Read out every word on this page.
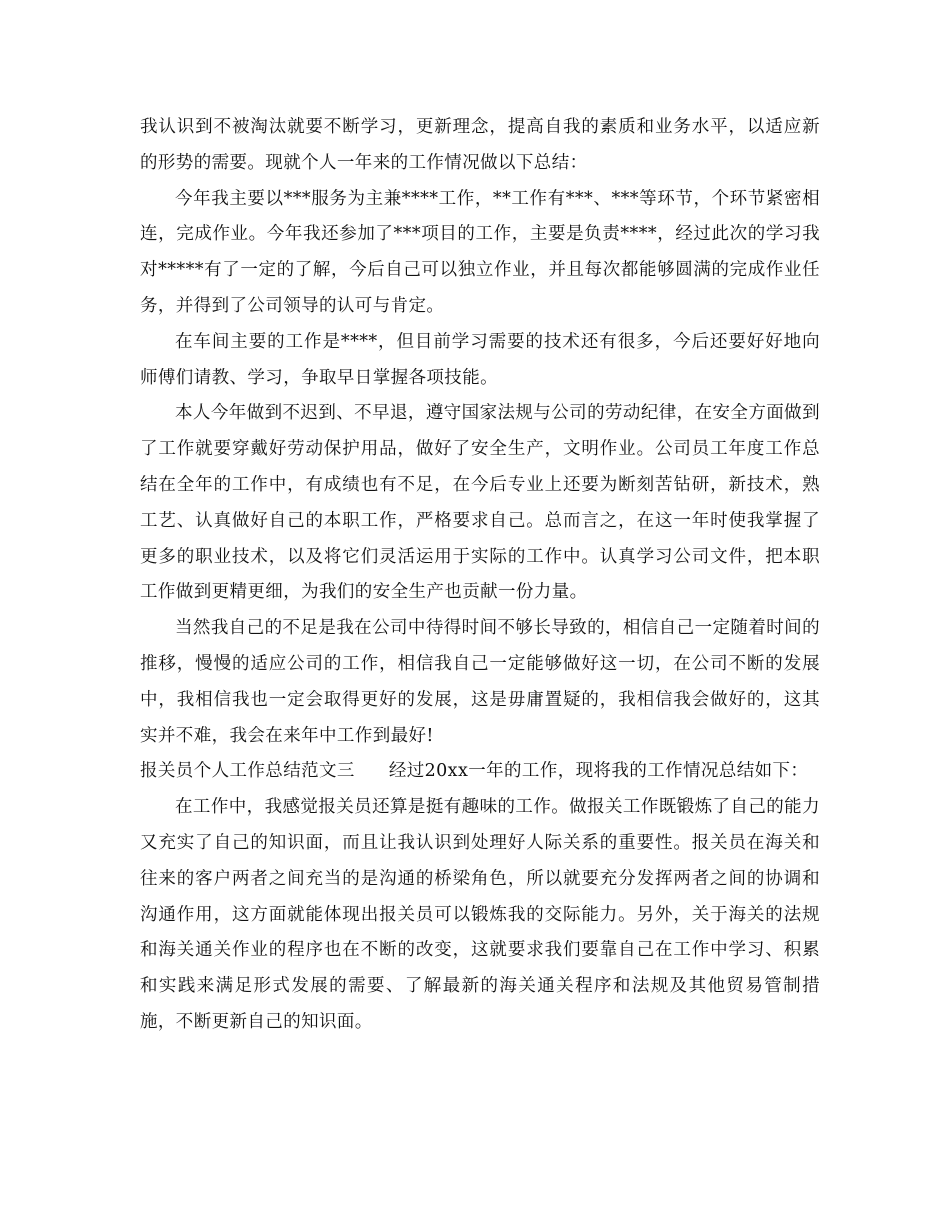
我认识到不被淘汰就要不断学习，更新理念，提高自我的素质和业务水平，以适应新的形势的需要。现就个人一年来的工作情况做以下总结：

今年我主要以***服务为主兼****工作，**工作有***、***等环节，个环节紧密相连，完成作业。今年我还参加了***项目的工作，主要是负责****，经过此次的学习我对*****有了一定的了解，今后自己可以独立作业，并且每次都能够圆满的完成作业任务，并得到了公司领导的认可与肯定。

在车间主要的工作是****，但目前学习需要的技术还有很多，今后还要好好地向师傅们请教、学习，争取早日掌握各项技能。

本人今年做到不迟到、不早退，遵守国家法规与公司的劳动纪律，在安全方面做到了工作就要穿戴好劳动保护用品，做好了安全生产，文明作业。公司员工年度工作总结在全年的工作中，有成绩也有不足，在今后专业上还要为断刻苦钻研，新技术，熟工艺、认真做好自己的本职工作，严格要求自己。总而言之，在这一年时使我掌握了更多的职业技术，以及将它们灵活运用于实际的工作中。认真学习公司文件，把本职工作做到更精更细，为我们的安全生产也贡献一份力量。

当然我自己的不足是我在公司中待得时间不够长导致的，相信自己一定随着时间的推移，慢慢的适应公司的工作，相信我自己一定能够做好这一切，在公司不断的发展中，我相信我也一定会取得更好的发展，这是毋庸置疑的，我相信我会做好的，这其实并不难，我会在来年中工作到最好!

报关员个人工作总结范文三 经过20xx一年的工作，现将我的工作情况总结如下：

在工作中，我感觉报关员还算是挺有趣味的工作。做报关工作既锻炼了自己的能力又充实了自己的知识面，而且让我认识到处理好人际关系的重要性。报关员在海关和往来的客户两者之间充当的是沟通的桥梁角色，所以就要充分发挥两者之间的协调和沟通作用，这方面就能体现出报关员可以锻炼我的交际能力。另外，关于海关的法规和海关通关作业的程序也在不断的改变，这就要求我们要靠自己在工作中学习、积累和实践来满足形式发展的需要、了解最新的海关通关程序和法规及其他贸易管制措施，不断更新自己的知识面。
